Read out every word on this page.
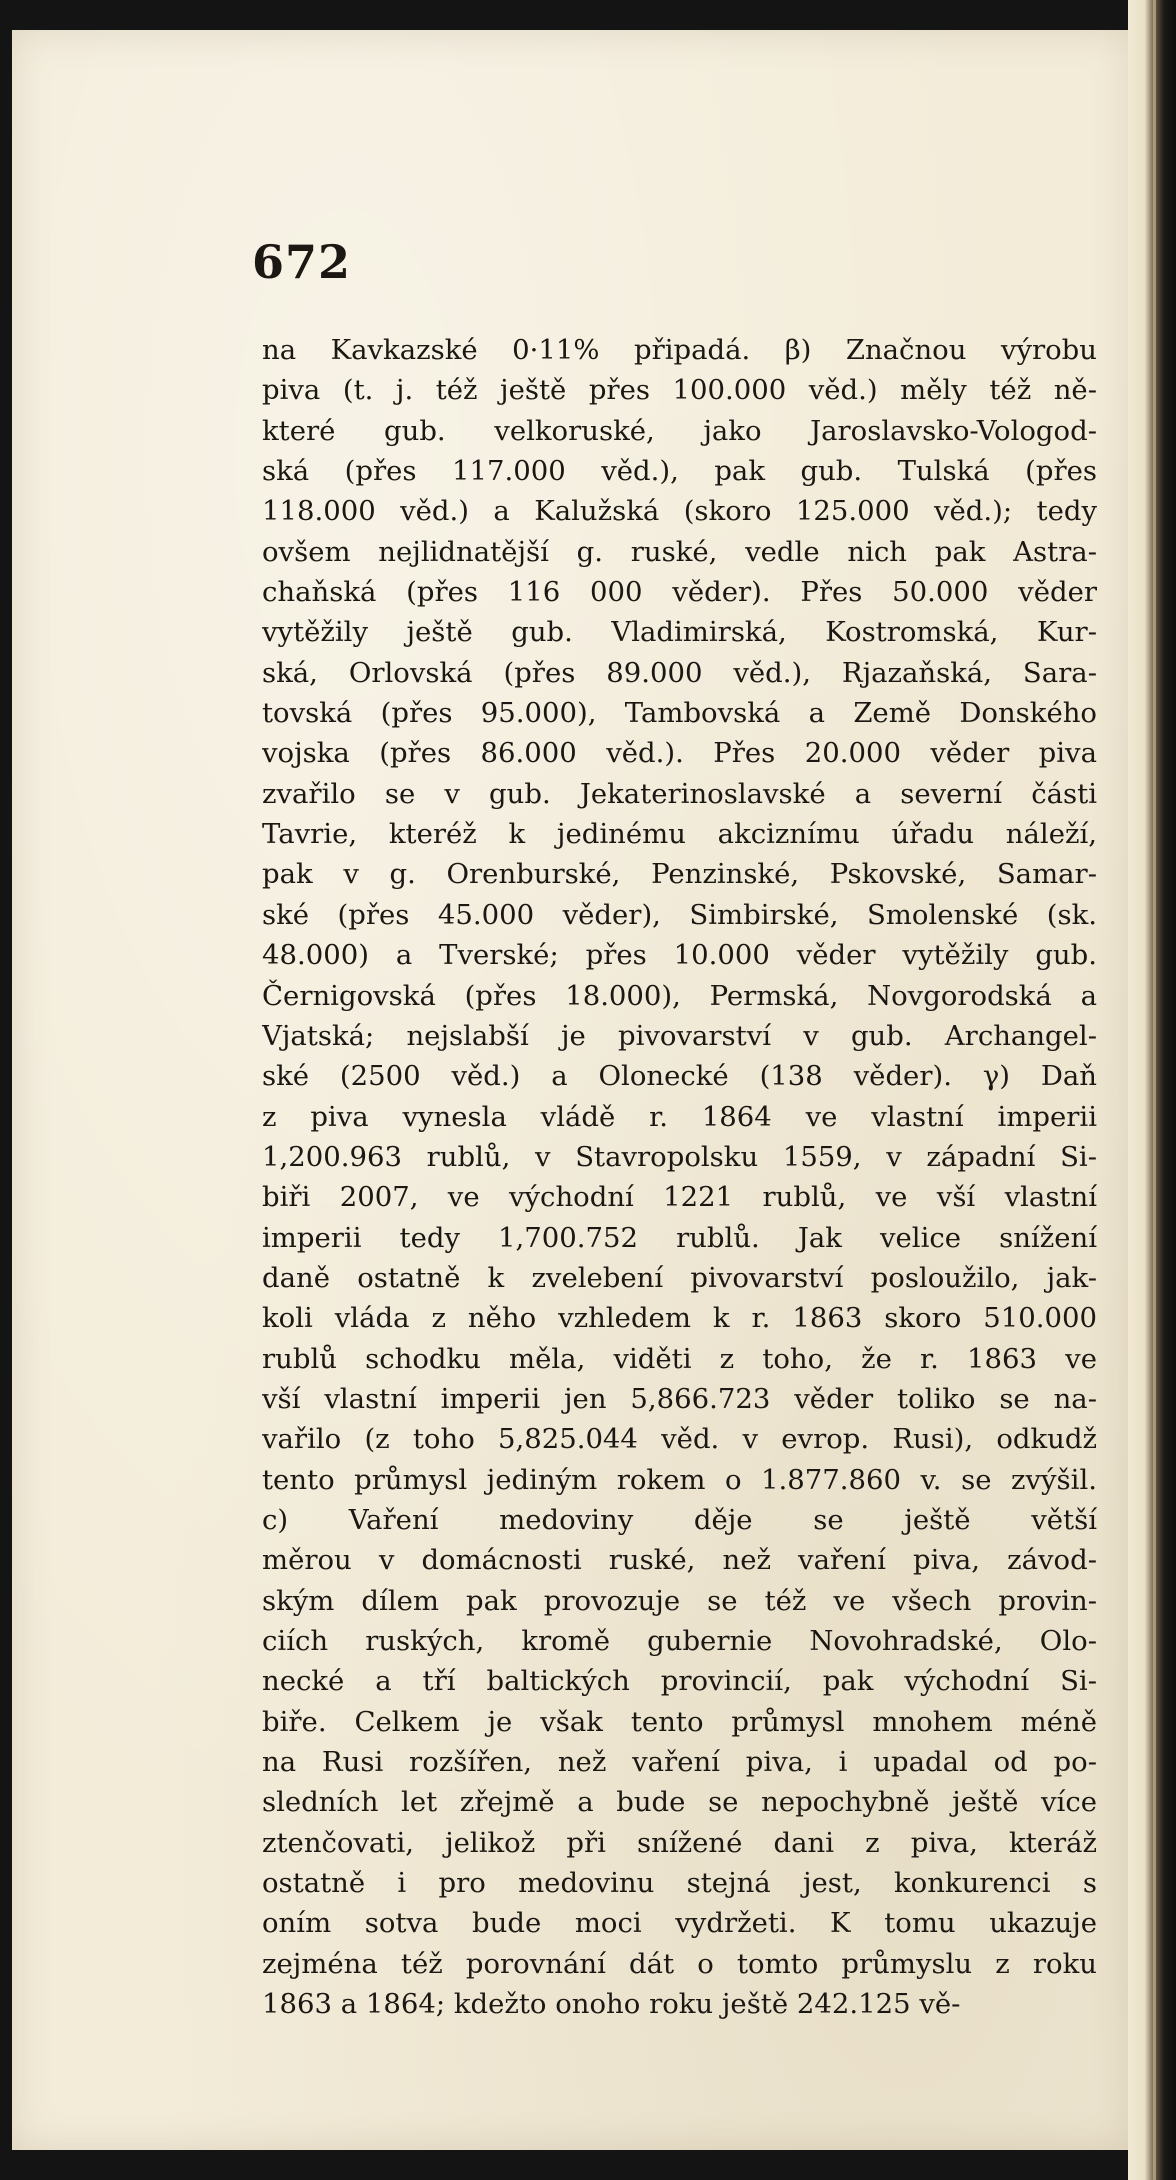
672
na Kavkazské 0·11% připadá. β) Značnou výrobu
piva (t. j. též ještě přes 100.000 věd.) měly též ně-
které gub. velkoruské, jako Jaroslavsko-Vologod-
ská (přes 117.000 věd.), pak gub. Tulská (přes
118.000 věd.) a Kalužská (skoro 125.000 věd.); tedy
ovšem nejlidnatější g. ruské, vedle nich pak Astra-
chaňská (přes 116 000 věder). Přes 50.000 věder
vytěžily ještě gub. Vladimirská, Kostromská, Kur-
ská, Orlovská (přes 89.000 věd.), Rjazaňská, Sara-
tovská (přes 95.000), Tambovská a Země Donského
vojska (přes 86.000 věd.). Přes 20.000 věder piva
zvařilo se v gub. Jekaterinoslavské a severní části
Tavrie, kteréž k jedinému akciznímu úřadu náleží,
pak v g. Orenburské, Penzinské, Pskovské, Samar-
ské (přes 45.000 věder), Simbirské, Smolenské (sk.
48.000) a Tverské; přes 10.000 věder vytěžily gub.
Černigovská (přes 18.000), Permská, Novgorodská a
Vjatská; nejslabší je pivovarství v gub. Archangel-
ské (2500 věd.) a Olonecké (138 věder). γ) Daň
z piva vynesla vládě r. 1864 ve vlastní imperii
1,200.963 rublů, v Stavropolsku 1559, v západní Si-
biři 2007, ve východní 1221 rublů, ve vší vlastní
imperii tedy 1,700.752 rublů. Jak velice snížení
daně ostatně k zvelebení pivovarství posloužilo, jak-
koli vláda z něho vzhledem k r. 1863 skoro 510.000
rublů schodku měla, viděti z toho, že r. 1863 ve
vší vlastní imperii jen 5,866.723 věder toliko se na-
vařilo (z toho 5,825.044 věd. v evrop. Rusi), odkudž
tento průmysl jediným rokem o 1.877.860 v. se zvýšil.
c) Vaření medoviny děje se ještě větší
měrou v domácnosti ruské, než vaření piva, závod-
ským dílem pak provozuje se též ve všech provin-
ciích ruských, kromě gubernie Novohradské, Olo-
necké a tří baltických provincií, pak východní Si-
biře. Celkem je však tento průmysl mnohem méně
na Rusi rozšířen, než vaření piva, i upadal od po-
sledních let zřejmě a bude se nepochybně ještě více
ztenčovati, jelikož při snížené dani z piva, kteráž
ostatně i pro medovinu stejná jest, konkurenci s
oním sotva bude moci vydržeti. K tomu ukazuje
zejména též porovnání dát o tomto průmyslu z roku
1863 a 1864; kdežto onoho roku ještě 242.125 vě-
